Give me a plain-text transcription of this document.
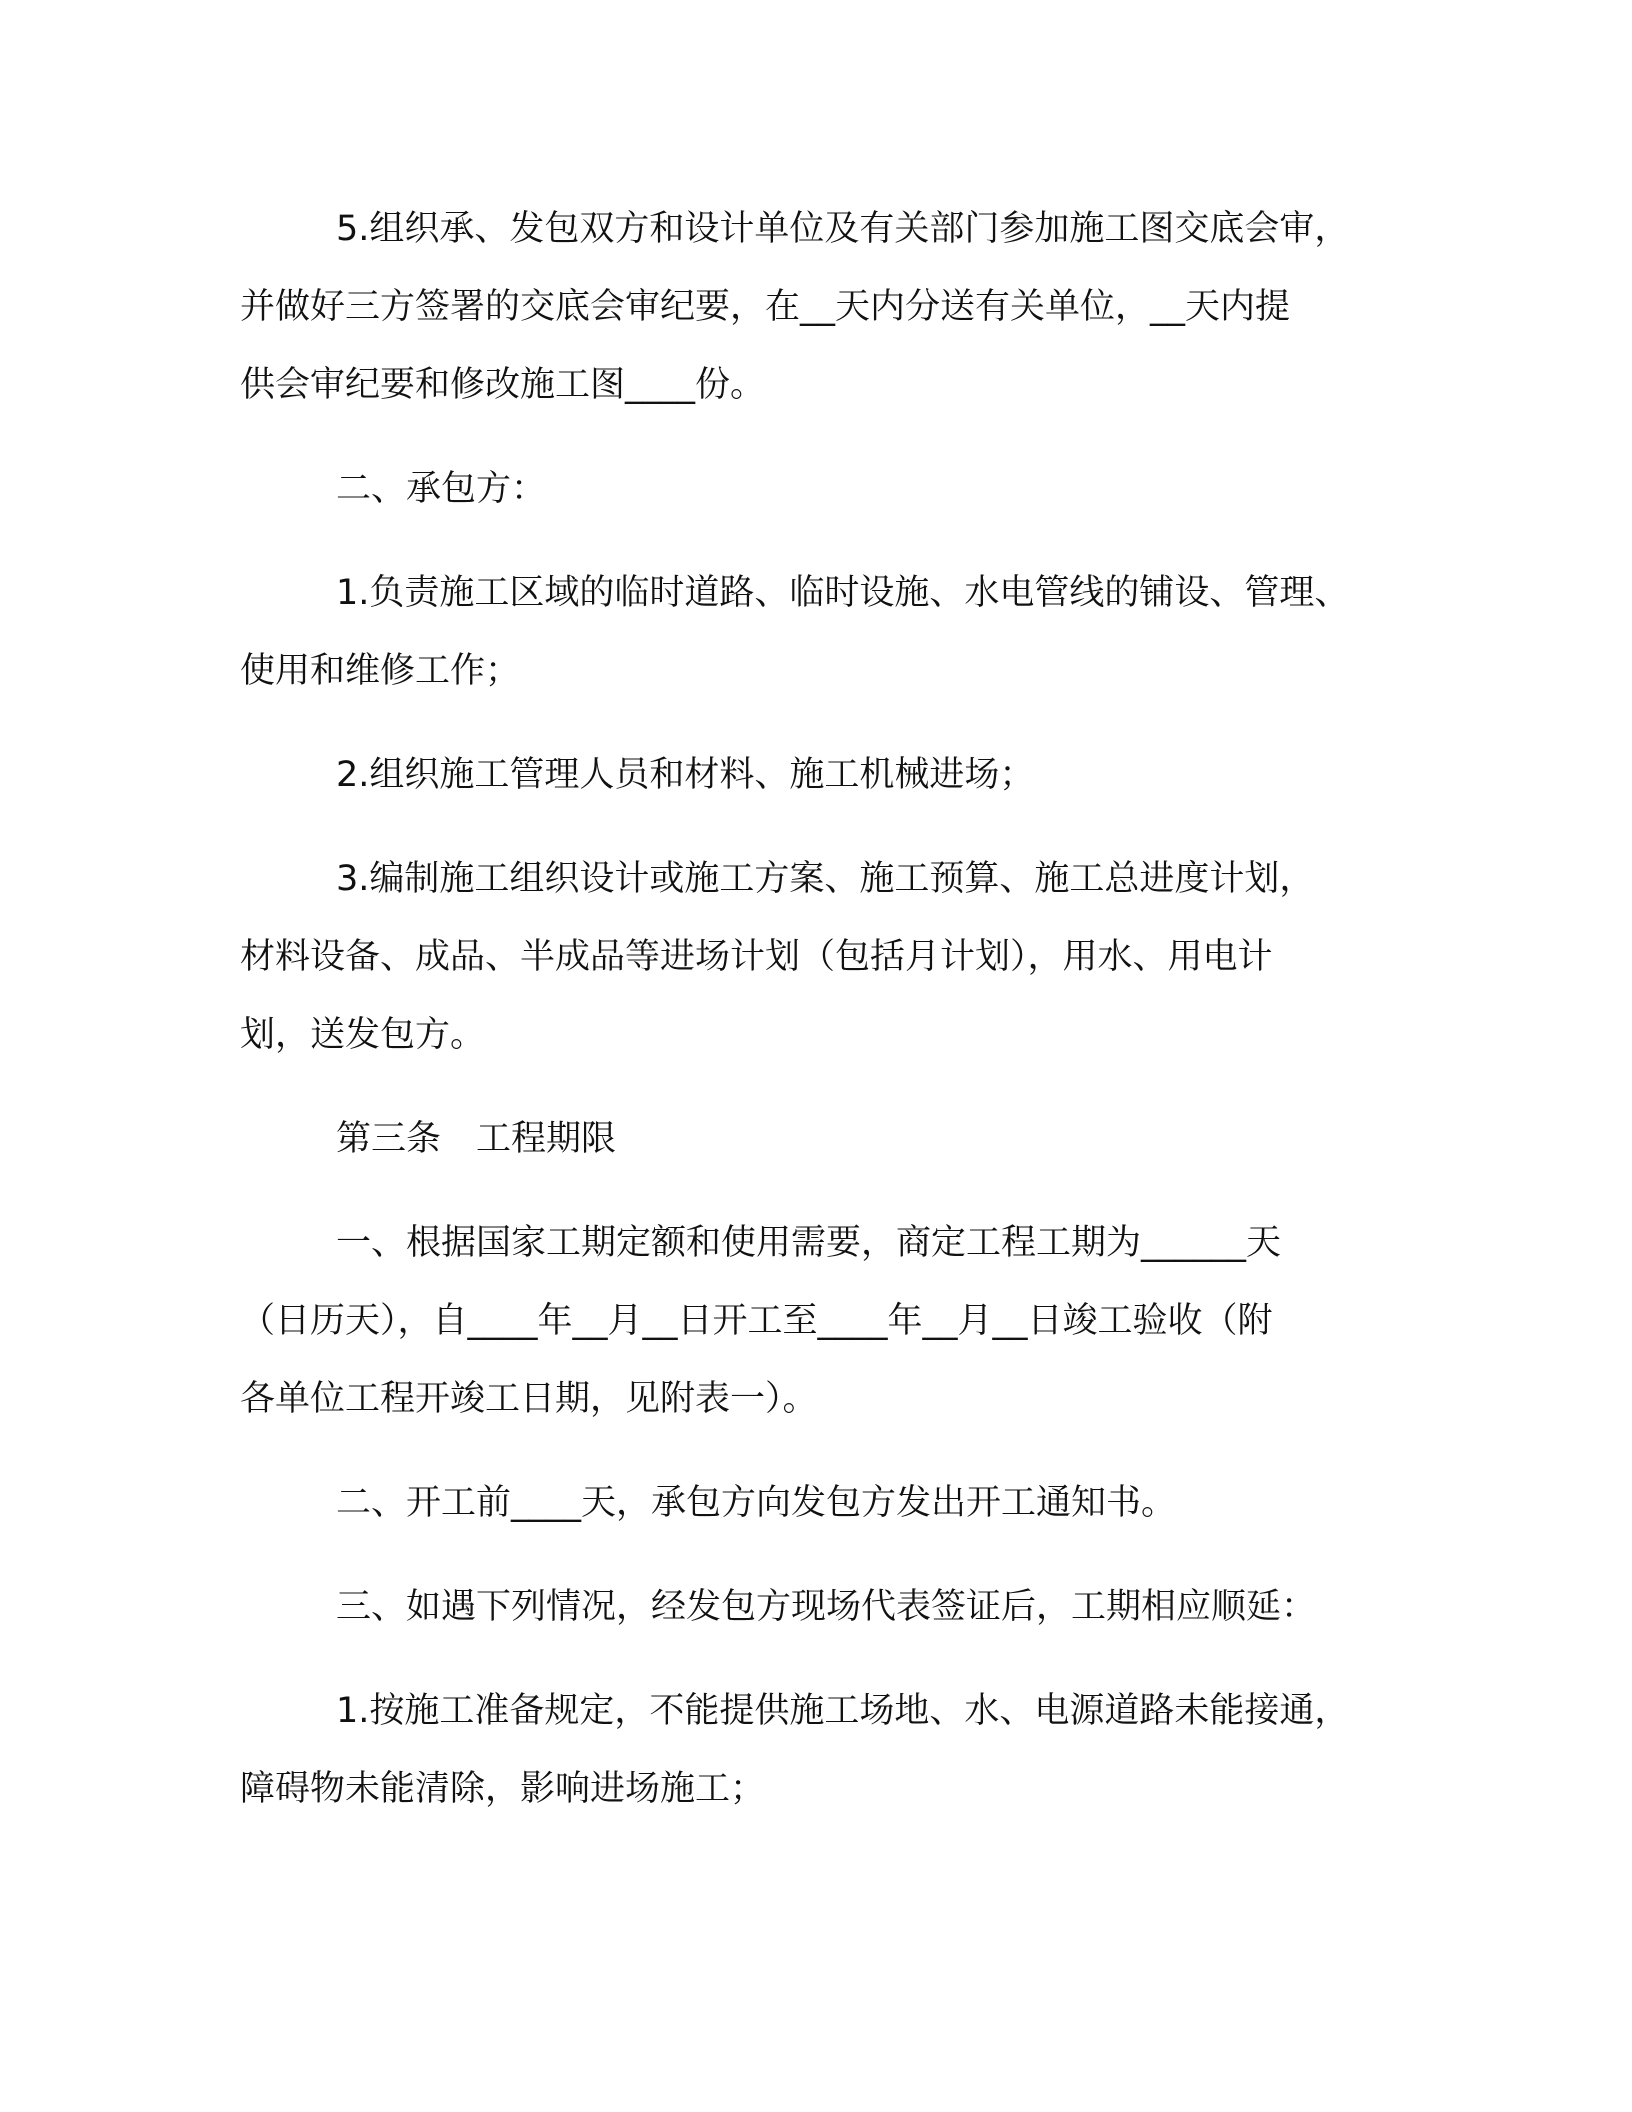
5.组织承、发包双方和设计单位及有关部门参加施工图交底会审，
并做好三方签署的交底会审纪要，在__天内分送有关单位，__天内提
供会审纪要和修改施工图____份。
二、承包方：
1.负责施工区域的临时道路、临时设施、水电管线的铺设、管理、
使用和维修工作；
2.组织施工管理人员和材料、施工机械进场；
3.编制施工组织设计或施工方案、施工预算、施工总进度计划，
材料设备、成品、半成品等进场计划（包括月计划），用水、用电计
划，送发包方。
第三条　工程期限
一、根据国家工期定额和使用需要，商定工程工期为______天
（日历天），自____年__月__日开工至____年__月__日竣工验收（附
各单位工程开竣工日期，见附表一）。
二、开工前____天，承包方向发包方发出开工通知书。
三、如遇下列情况，经发包方现场代表签证后，工期相应顺延：
1.按施工准备规定，不能提供施工场地、水、电源道路未能接通，
障碍物未能清除，影响进场施工；
